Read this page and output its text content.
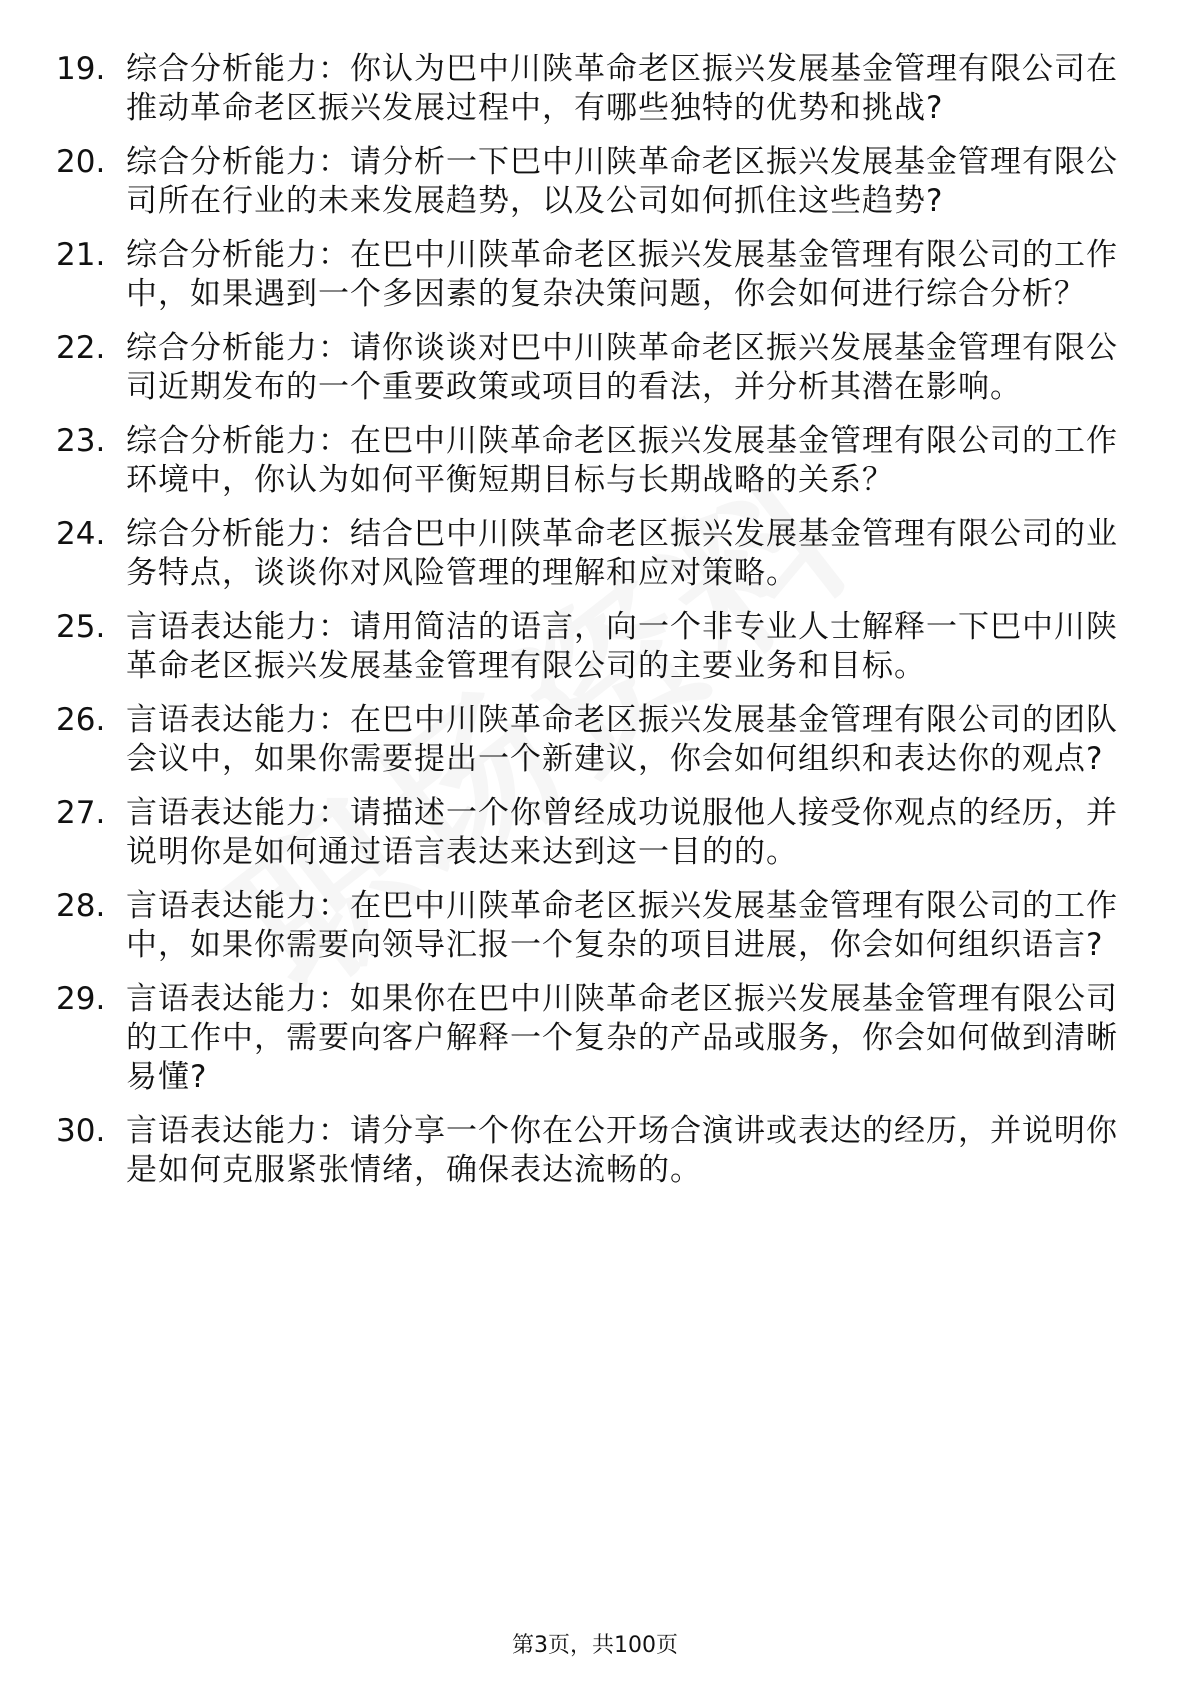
19. 综合分析能力：你认为巴中川陕革命老区振兴发展基金管理有限公司在推动革命老区振兴发展过程中，有哪些独特的优势和挑战?
20. 综合分析能力：请分析一下巴中川陕革命老区振兴发展基金管理有限公司所在行业的未来发展趋势，以及公司如何抓住这些趋势?
21. 综合分析能力：在巴中川陕革命老区振兴发展基金管理有限公司的工作中，如果遇到一个多因素的复杂决策问题，你会如何进行综合分析？
22. 综合分析能力：请你谈谈对巴中川陕革命老区振兴发展基金管理有限公司近期发布的一个重要政策或项目的看法，并分析其潜在影响。
23. 综合分析能力：在巴中川陕革命老区振兴发展基金管理有限公司的工作环境中，你认为如何平衡短期目标与长期战略的关系？
24. 综合分析能力：结合巴中川陕革命老区振兴发展基金管理有限公司的业务特点，谈谈你对风险管理的理解和应对策略。
25. 言语表达能力：请用简洁的语言，向一个非专业人士解释一下巴中川陕革命老区振兴发展基金管理有限公司的主要业务和目标。
26. 言语表达能力：在巴中川陕革命老区振兴发展基金管理有限公司的团队会议中，如果你需要提出一个新建议，你会如何组织和表达你的观点?
27. 言语表达能力：请描述一个你曾经成功说服他人接受你观点的经历，并说明你是如何通过语言表达来达到这一目的的。
28. 言语表达能力：在巴中川陕革命老区振兴发展基金管理有限公司的工作中，如果你需要向领导汇报一个复杂的项目进展，你会如何组织语言?
29. 言语表达能力：如果你在巴中川陕革命老区振兴发展基金管理有限公司的工作中，需要向客户解释一个复杂的产品或服务，你会如何做到清晰易懂?
30. 言语表达能力：请分享一个你在公开场合演讲或表达的经历，并说明你是如何克服紧张情绪，确保表达流畅的。
第3页，共100页
